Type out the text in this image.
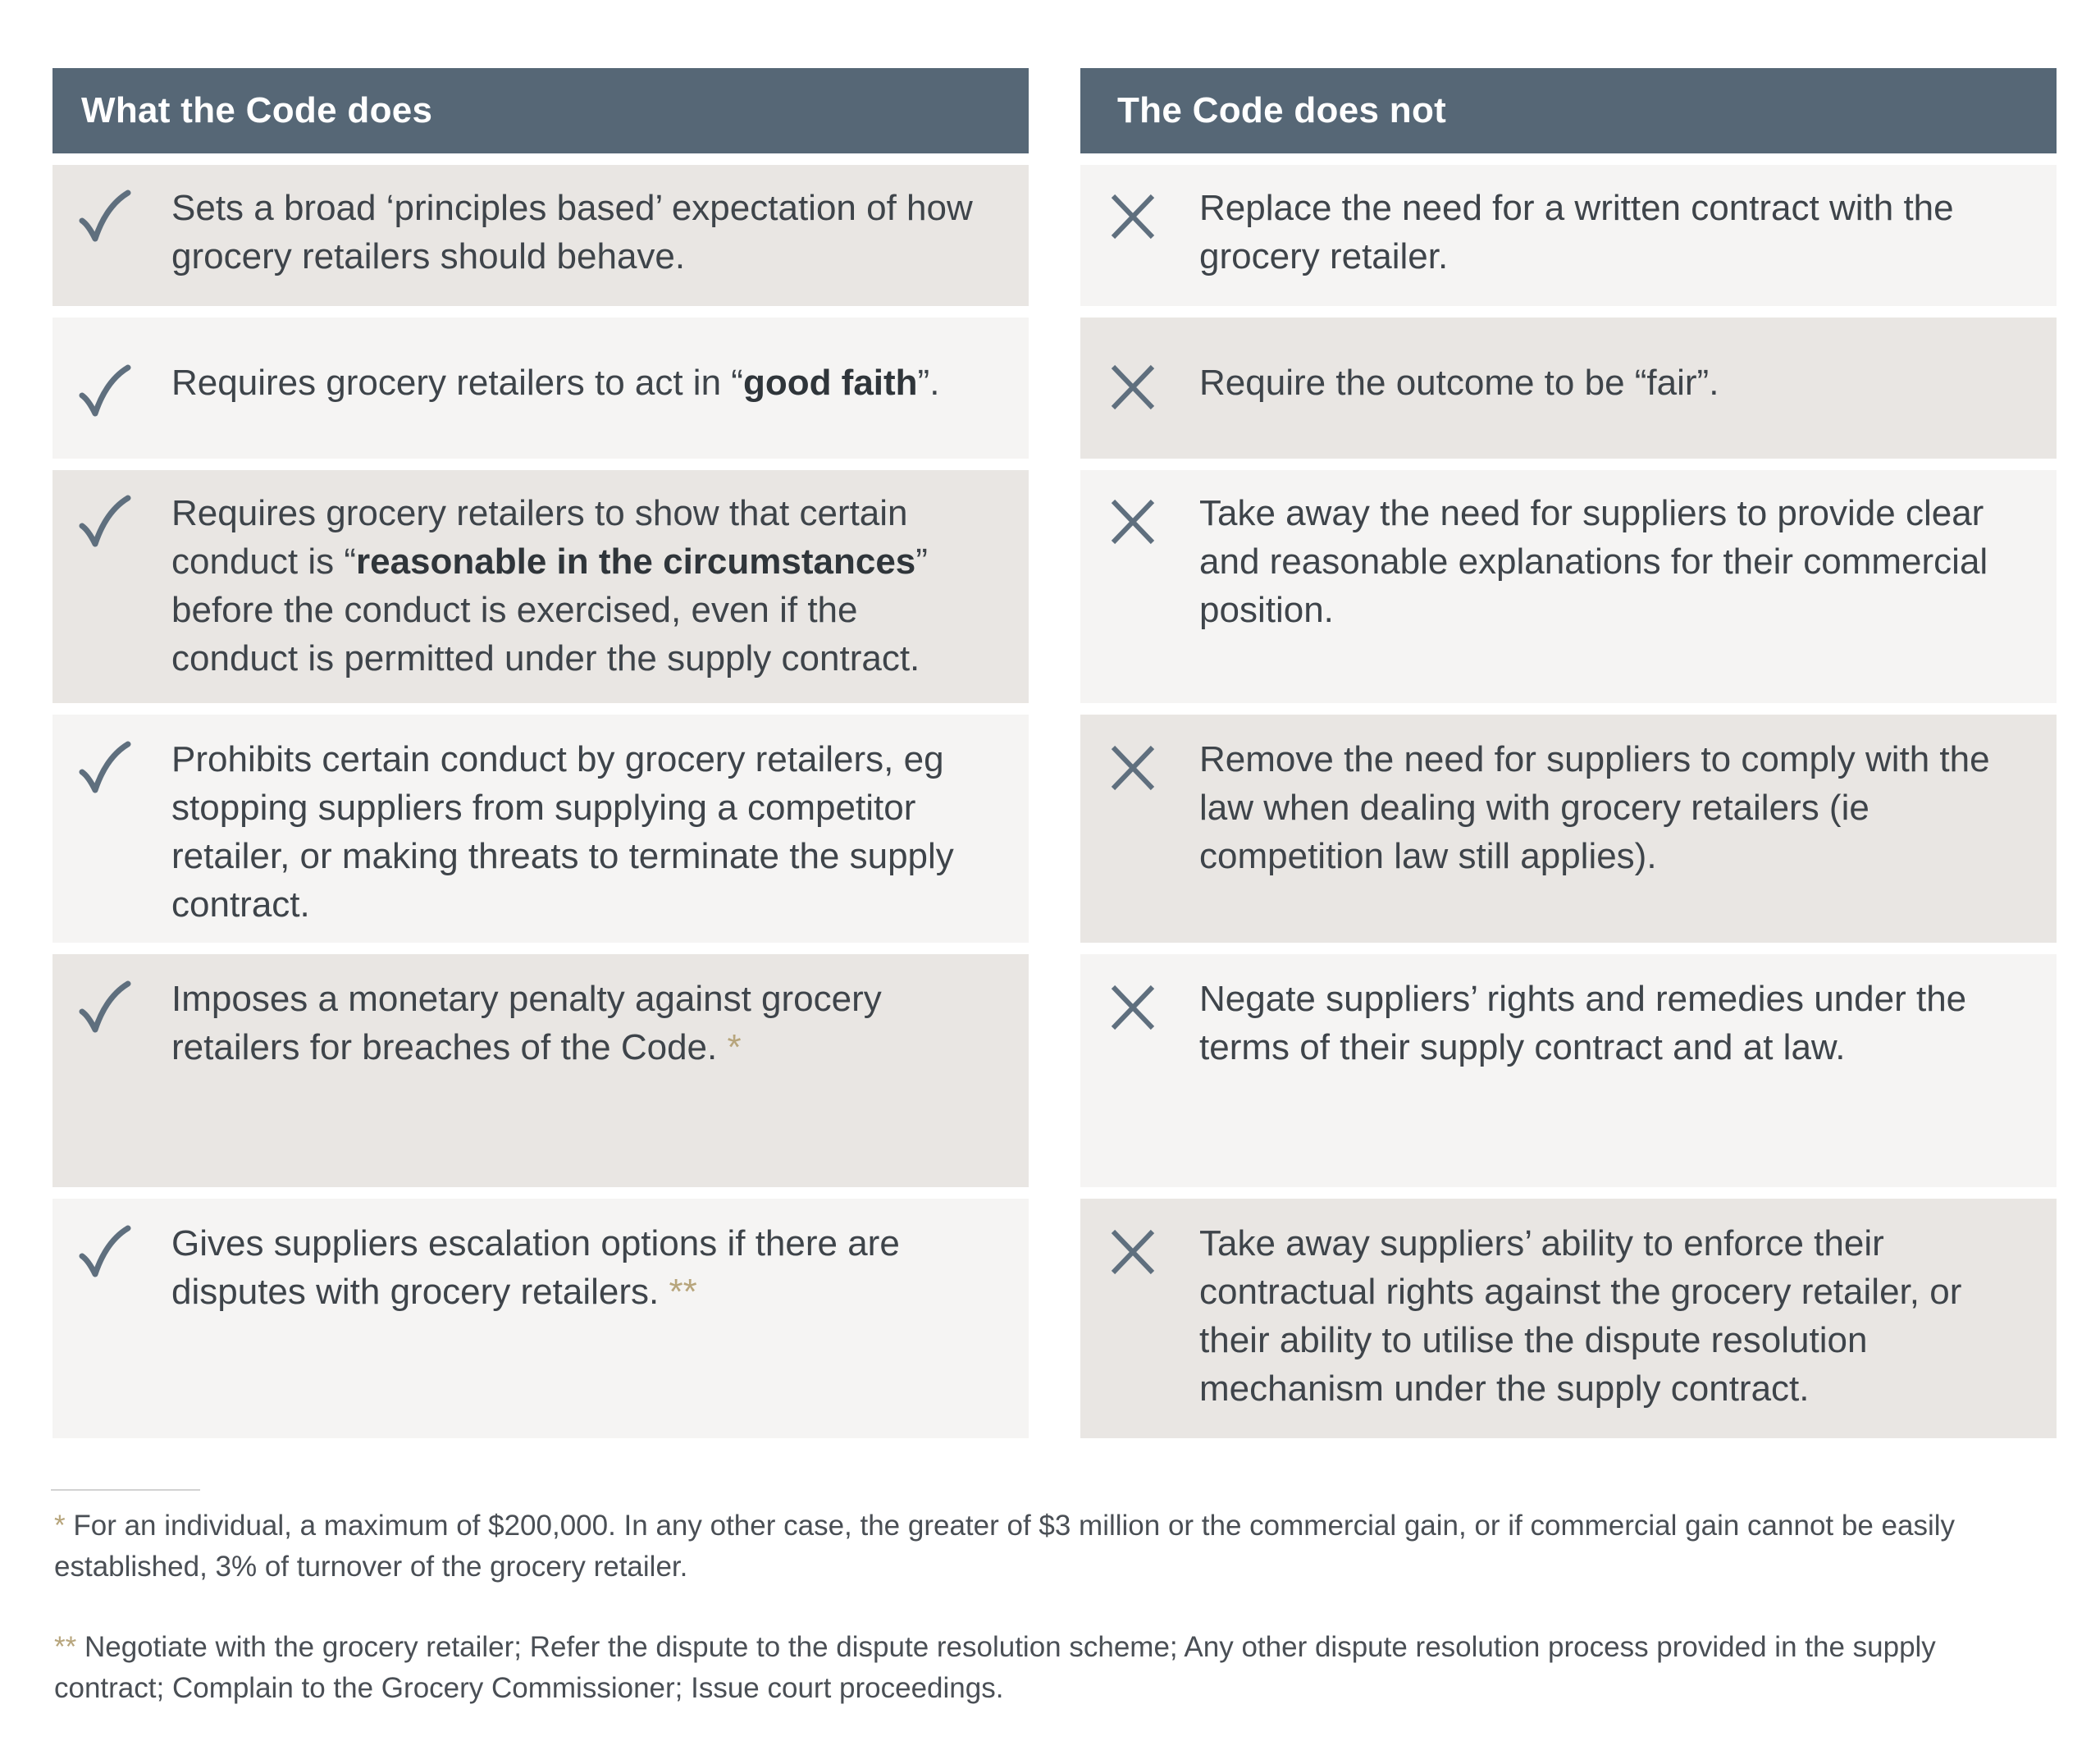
What the Code does
Sets a broad ‘principles based’ expectation of how grocery retailers should behave.
Requires grocery retailers to act in “good faith”.
Requires grocery retailers to show that certain conduct is “reasonable in the circumstances” before the conduct is exercised, even if the conduct is permitted under the supply contract.
Prohibits certain conduct by grocery retailers, eg stopping suppliers from supplying a competitor retailer, or making threats to terminate the supply contract.
Imposes a monetary penalty against grocery retailers for breaches of the Code. *
Gives suppliers escalation options if there are disputes with grocery retailers. **
The Code does not
Replace the need for a written contract with the grocery retailer.
Require the outcome to be “fair”.
Take away the need for suppliers to provide clear and reasonable explanations for their commercial position.
Remove the need for suppliers to comply with the law when dealing with grocery retailers (ie competition law still applies).
Negate suppliers’ rights and remedies under the terms of their supply contract and at law.
Take away suppliers’ ability to enforce their contractual rights against the grocery retailer, or their ability to utilise the dispute resolution mechanism under the supply contract.
* For an individual, a maximum of $200,000. In any other case, the greater of $3 million or the commercial gain, or if commercial gain cannot be easily established, 3% of turnover of the grocery retailer.
** Negotiate with the grocery retailer; Refer the dispute to the dispute resolution scheme; Any other dispute resolution process provided in the supply contract; Complain to the Grocery Commissioner; Issue court proceedings.
